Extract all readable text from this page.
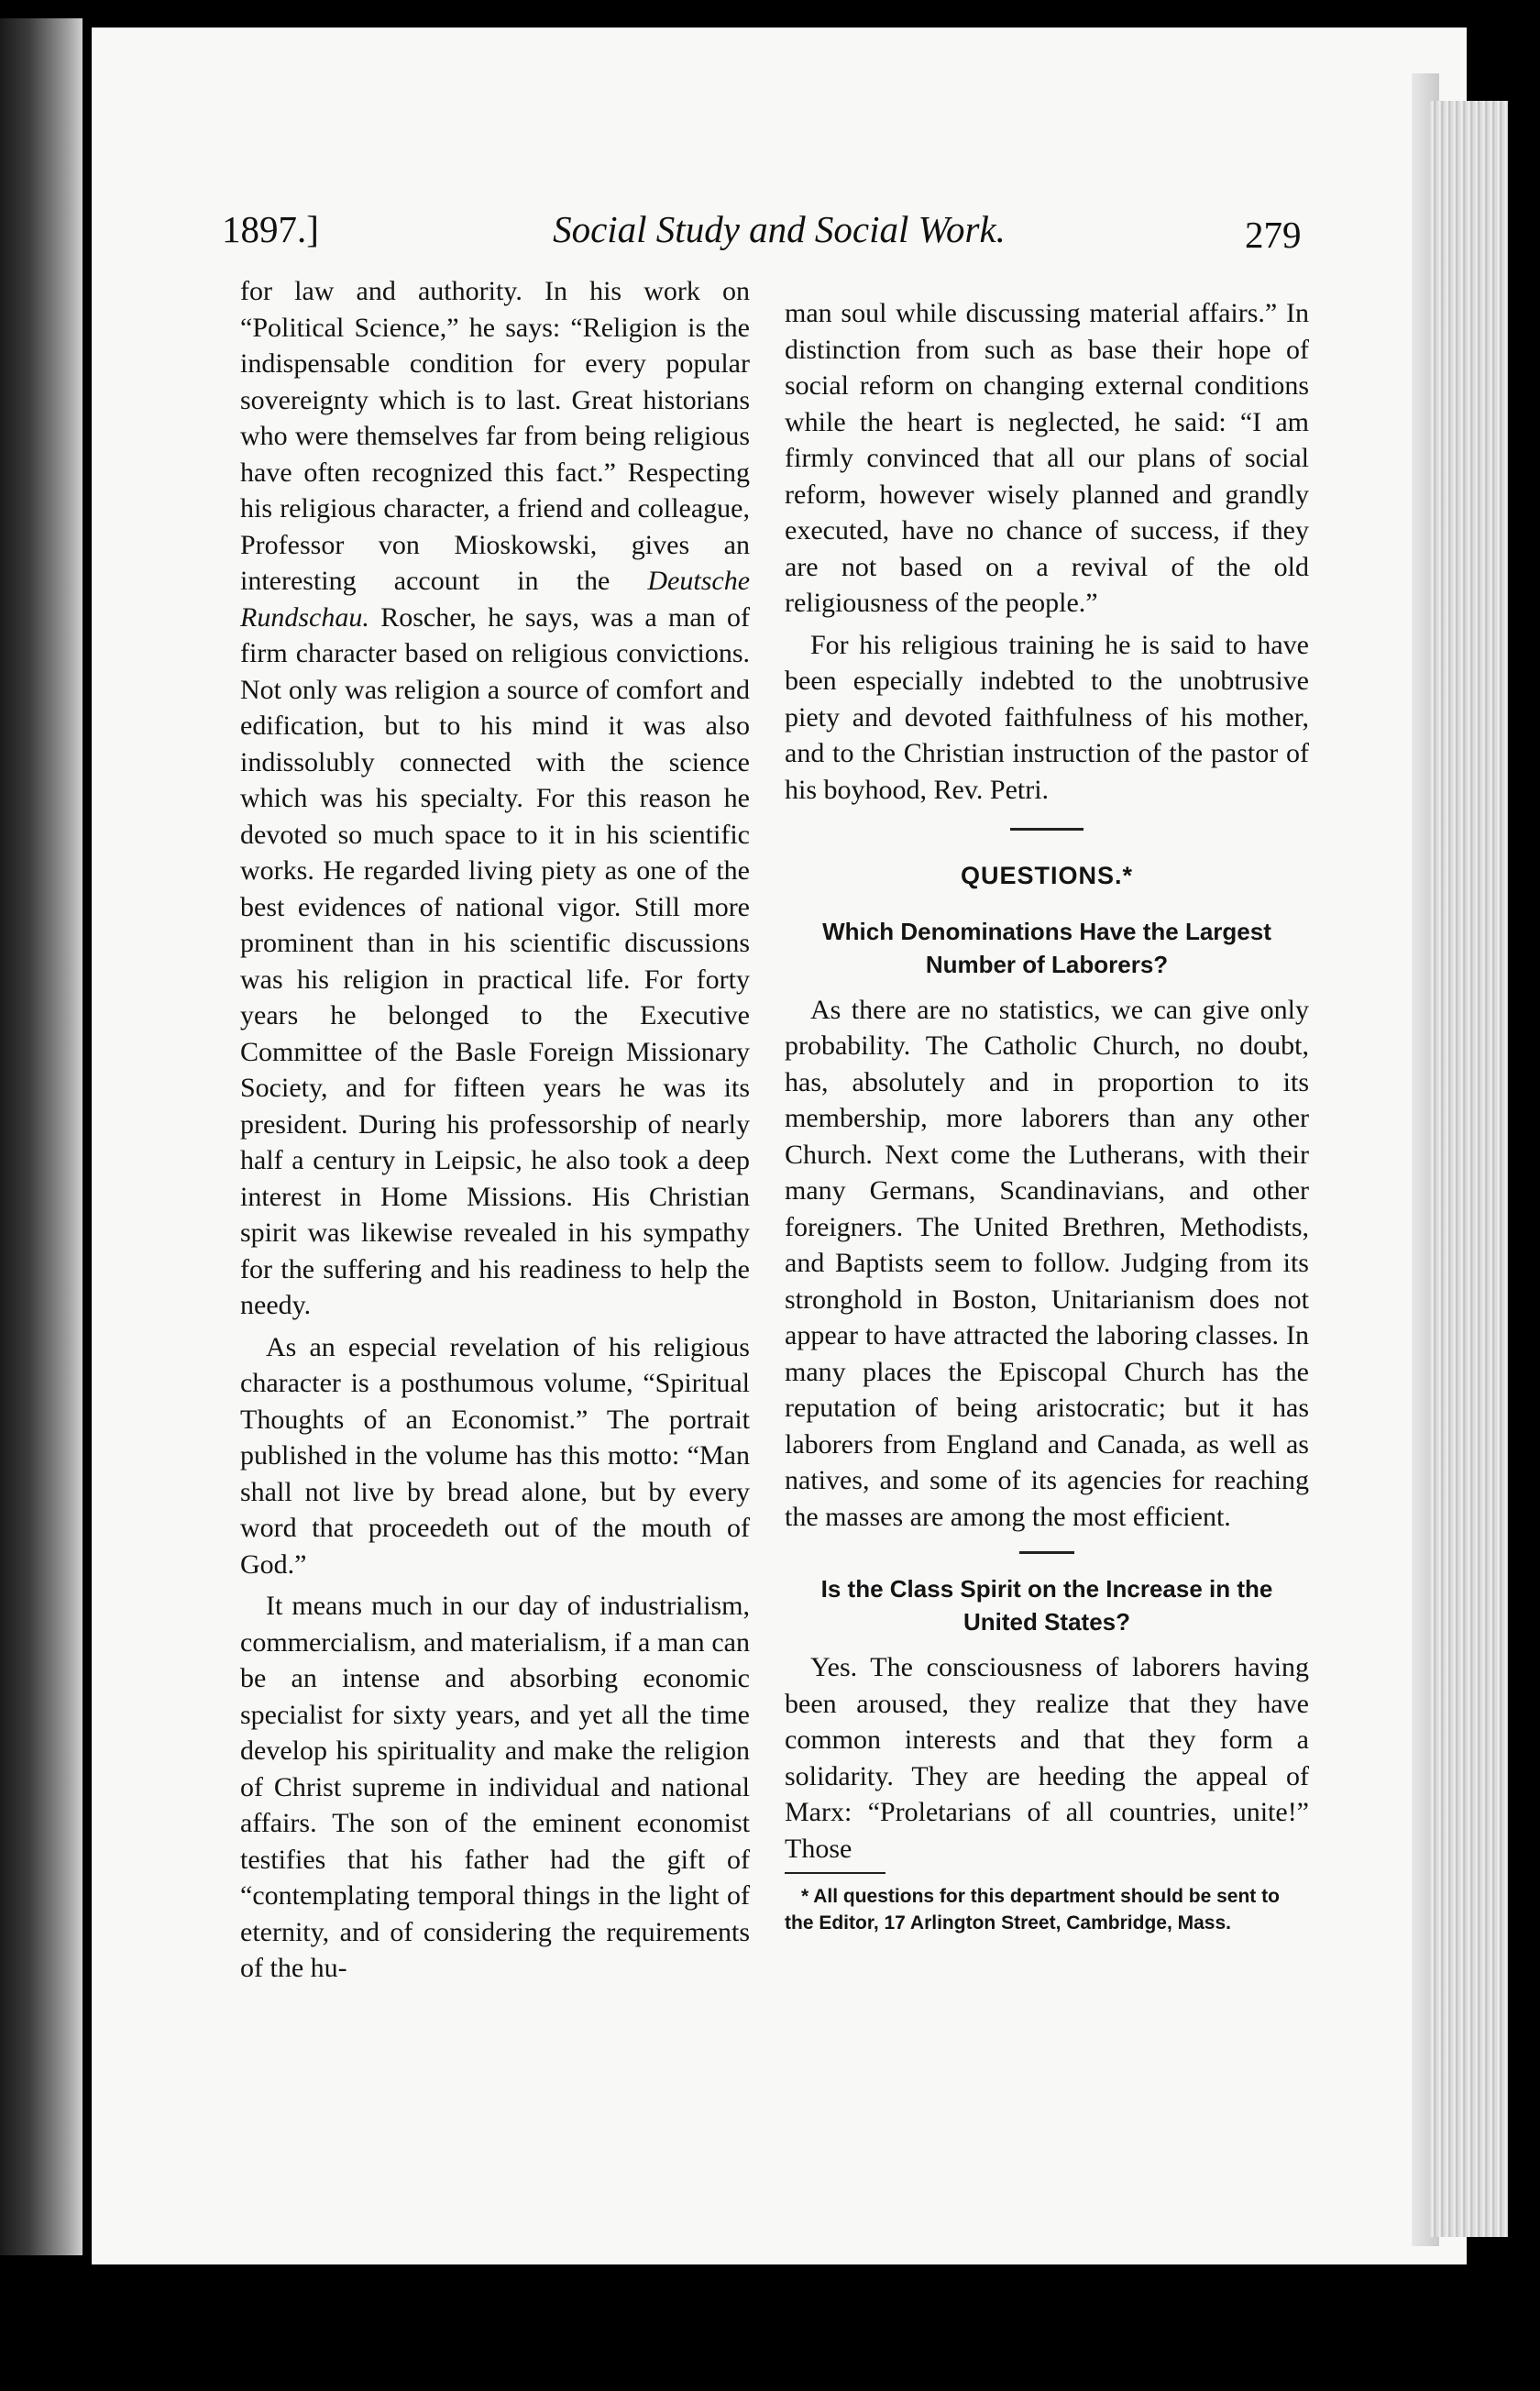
1897.]	Social Study and Social Work.	279

for law and authority. In his work on “Political Science,” he says: “Religion is the indispensable condition for every popular sovereignty which is to last. Great historians who were themselves far from being religious have often recognized this fact.” Respecting his religious character, a friend and colleague, Professor von Mioskowski, gives an interesting account in the Deutsche Rundschau. Roscher, he says, was a man of firm character based on religious convictions. Not only was religion a source of comfort and edification, but to his mind it was also indissolubly connected with the science which was his specialty. For this reason he devoted so much space to it in his scientific works. He regarded living piety as one of the best evidences of national vigor. Still more prominent than in his scientific discussions was his religion in practical life. For forty years he belonged to the Executive Committee of the Basle Foreign Missionary Society, and for fifteen years he was its president. During his professorship of nearly half a century in Leipsic, he also took a deep interest in Home Missions. His Christian spirit was likewise revealed in his sympathy for the suffering and his readiness to help the needy.

As an especial revelation of his religious character is a posthumous volume, “Spiritual Thoughts of an Economist.” The portrait published in the volume has this motto: “Man shall not live by bread alone, but by every word that proceedeth out of the mouth of God.”

It means much in our day of industrialism, commercialism, and materialism, if a man can be an intense and absorbing economic specialist for sixty years, and yet all the time develop his spirituality and make the religion of Christ supreme in individual and national affairs. The son of the eminent economist testifies that his father had the gift of “contemplating temporal things in the light of eternity, and of considering the requirements of the hu-

man soul while discussing material affairs.” In distinction from such as base their hope of social reform on changing external conditions while the heart is neglected, he said: “I am firmly convinced that all our plans of social reform, however wisely planned and grandly executed, have no chance of success, if they are not based on a revival of the old religiousness of the people.”

For his religious training he is said to have been especially indebted to the unobtrusive piety and devoted faithfulness of his mother, and to the Christian instruction of the pastor of his boyhood, Rev. Petri.

QUESTIONS.*
Which Denominations Have the Largest Number of Laborers?

As there are no statistics, we can give only probability. The Catholic Church, no doubt, has, absolutely and in proportion to its membership, more laborers than any other Church. Next come the Lutherans, with their many Germans, Scandinavians, and other foreigners. The United Brethren, Methodists, and Baptists seem to follow. Judging from its stronghold in Boston, Unitarianism does not appear to have attracted the laboring classes. In many places the Episcopal Church has the reputation of being aristocratic; but it has laborers from England and Canada, as well as natives, and some of its agencies for reaching the masses are among the most efficient.

Is the Class Spirit on the Increase in the United States?

Yes. The consciousness of laborers having been aroused, they realize that they have common interests and that they form a solidarity. They are heeding the appeal of Marx: “Proletarians of all countries, unite!” Those

* All questions for this department should be sent to the Editor, 17 Arlington Street, Cambridge, Mass.
